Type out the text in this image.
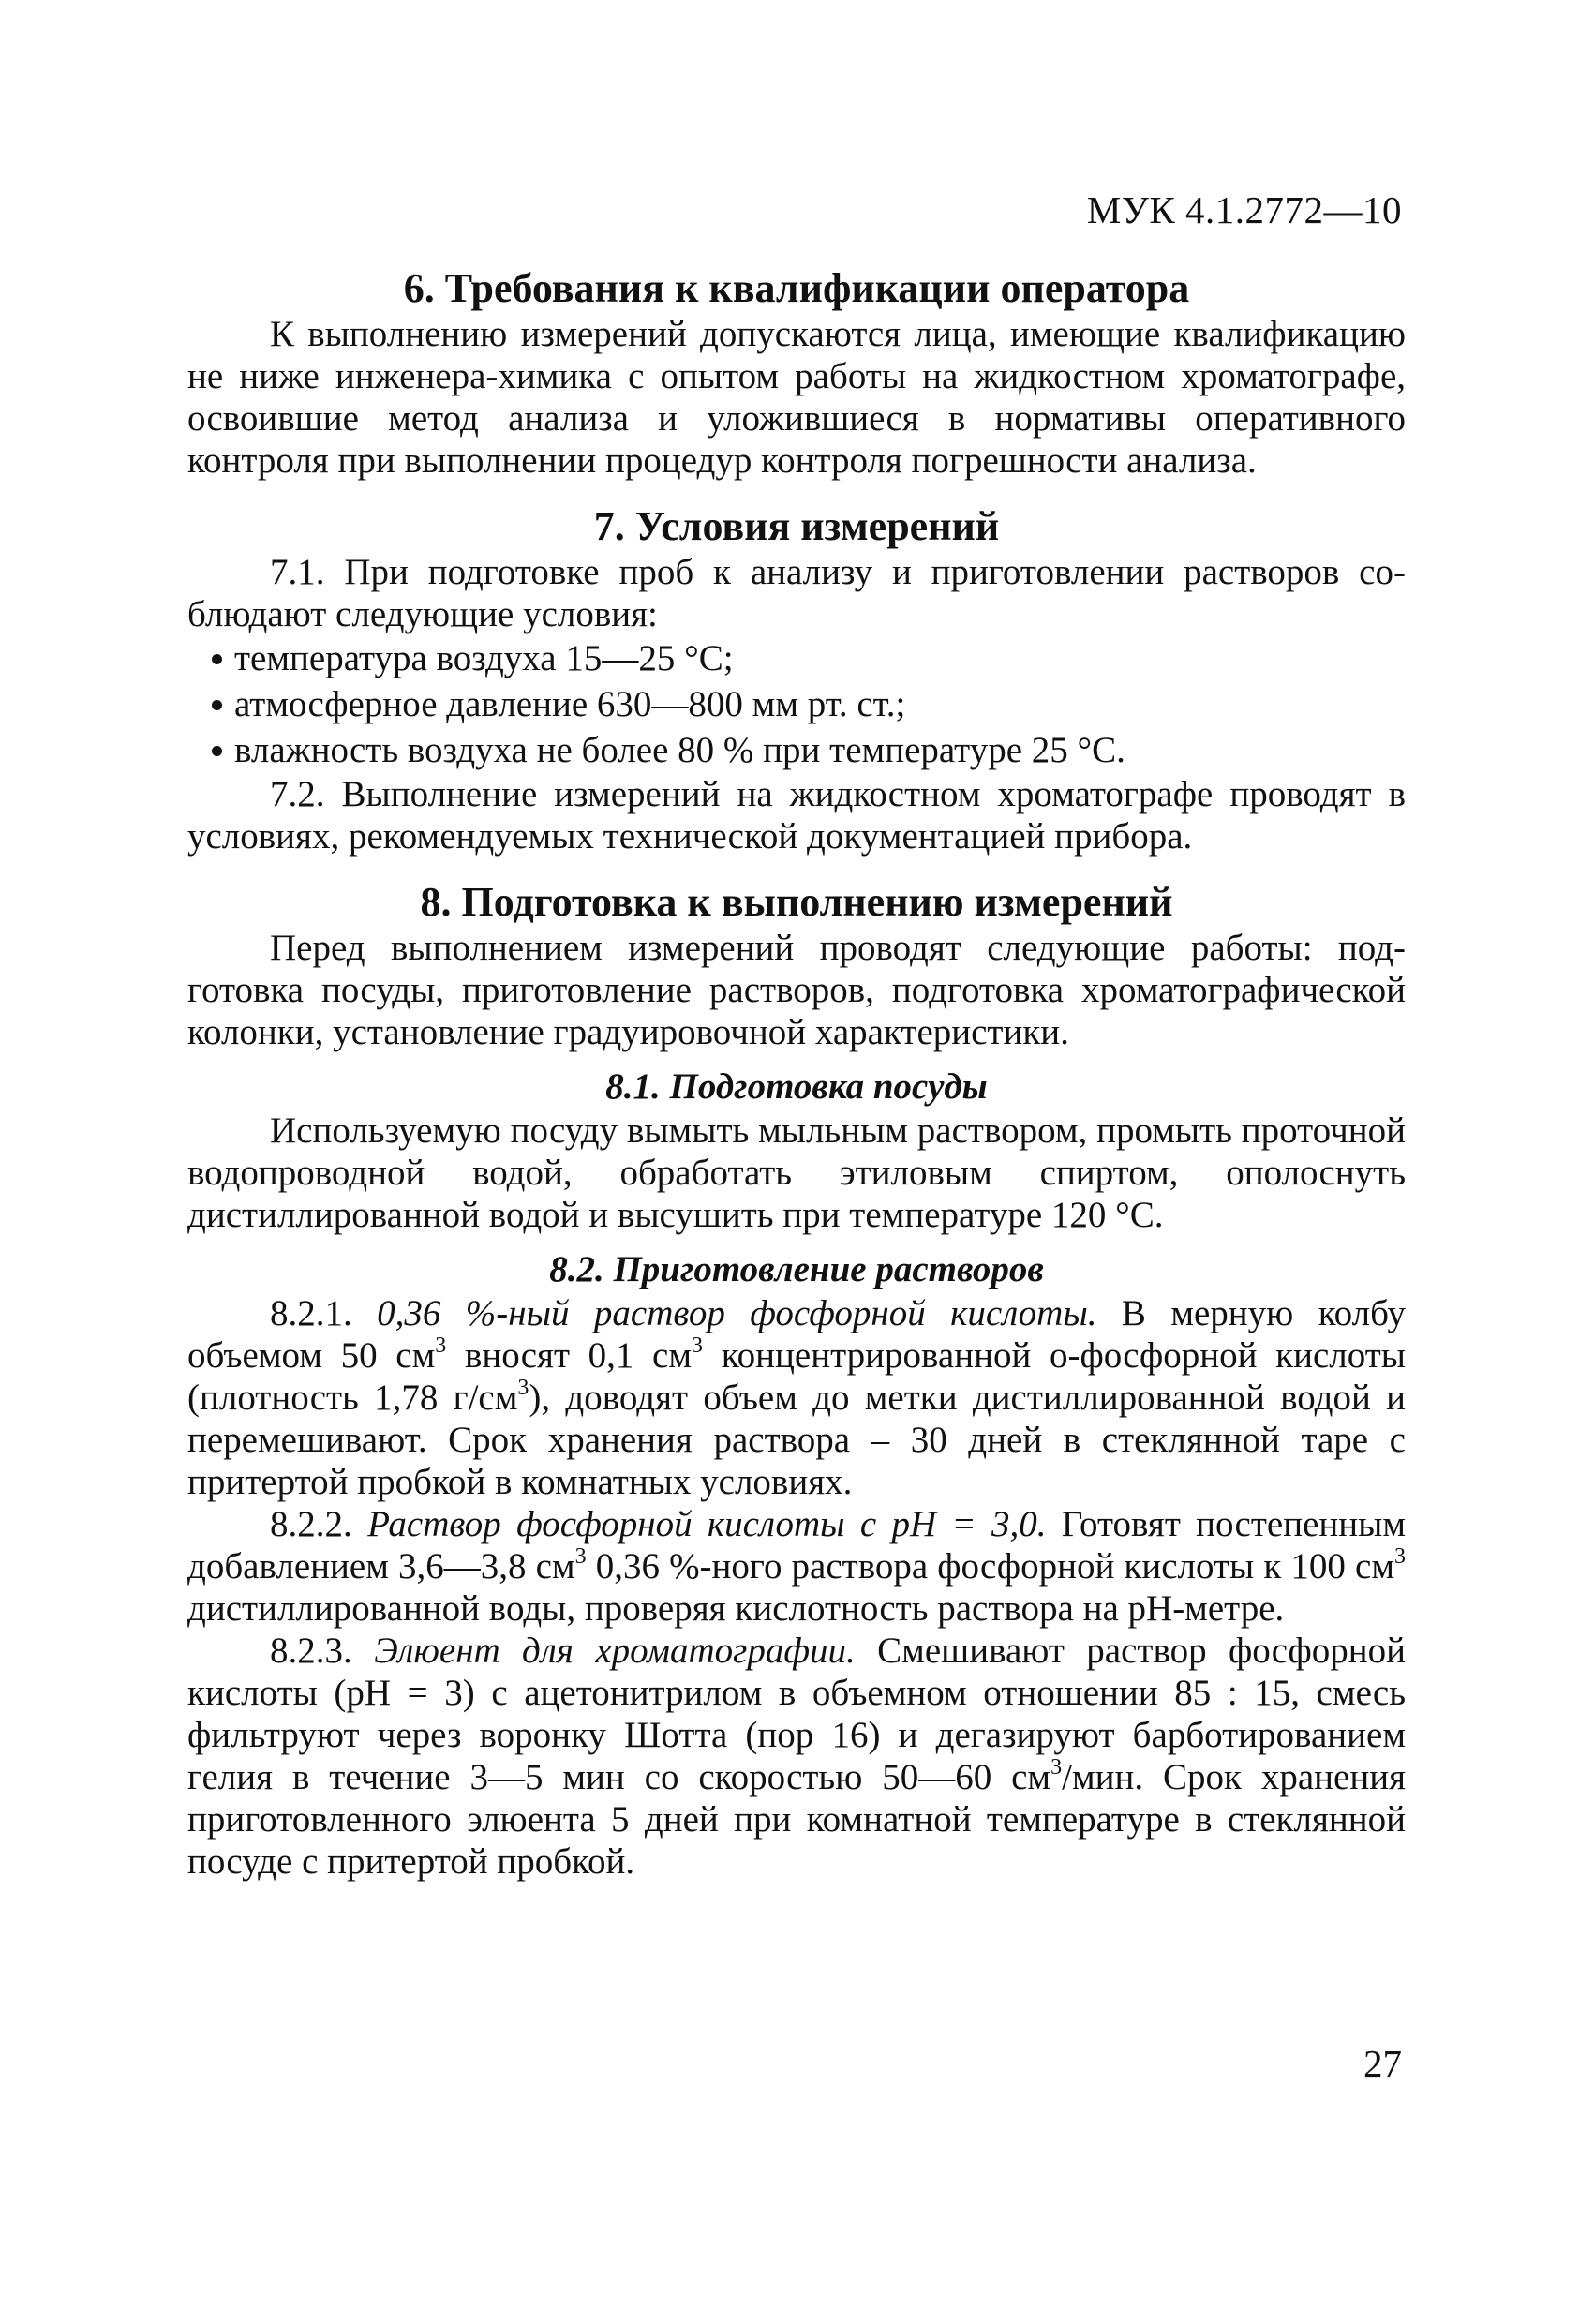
МУК 4.1.2772—10
6. Требования к квалификации оператора

К выполнению измерений допускаются лица, имеющие квалификацию не ниже инженера-химика с опытом работы на жидкостном хроматографе, освоившие метод анализа и уложившиеся в нормативы оперативного контроля при выполнении процедур контроля погрешности анализа.

7. Условия измерений

7.1. При подготовке проб к анализу и приготовлении растворов соблюдают следующие условия:

температура воздуха 15—25 °С;
атмосферное давление 630—800 мм рт. ст.;
влажность воздуха не более 80 % при температуре 25 °С.

7.2. Выполнение измерений на жидкостном хроматографе проводят в условиях, рекомендуемых технической документацией прибора.

8. Подготовка к выполнению измерений

Перед выполнением измерений проводят следующие работы: подготовка посуды, приготовление растворов, подготовка хроматографической колонки, установление градуировочной характеристики.

8.1. Подготовка посуды

Используемую посуду вымыть мыльным раствором, промыть проточной водопроводной водой, обработать этиловым спиртом, ополоснуть дистиллированной водой и высушить при температуре 120 °С.

8.2. Приготовление растворов

8.2.1. 0,36 %-ный раствор фосфорной кислоты. В мерную колбу объемом 50 $см^3$ вносят 0,1 $см^3$ концентрированной о-фосфорной кислоты (плотность 1,78 $г/см^3$), доводят объем до метки дистиллированной водой и перемешивают. Срок хранения раствора – 30 дней в стеклянной таре с притертой пробкой в комнатных условиях.

8.2.2. Раствор фосфорной кислоты с рН = 3,0. Готовят постепенным добавлением 3,6—3,8 $см^3$ 0,36 %-ного раствора фосфорной кислоты к 100 $см^3$ дистиллированной воды, проверяя кислотность раствора на рН-метре.

8.2.3. Элюент для хроматографии. Смешивают раствор фосфорной кислоты (рН = 3) с ацетонитрилом в объемном отношении 85 : 15, смесь фильтруют через воронку Шотта (пор 16) и дегазируют барботированием гелия в течение 3—5 мин со скоростью 50—60 $см^3$/мин. Срок хранения приготовленного элюента 5 дней при комнатной температуре в стеклянной посуде с притертой пробкой.

27
